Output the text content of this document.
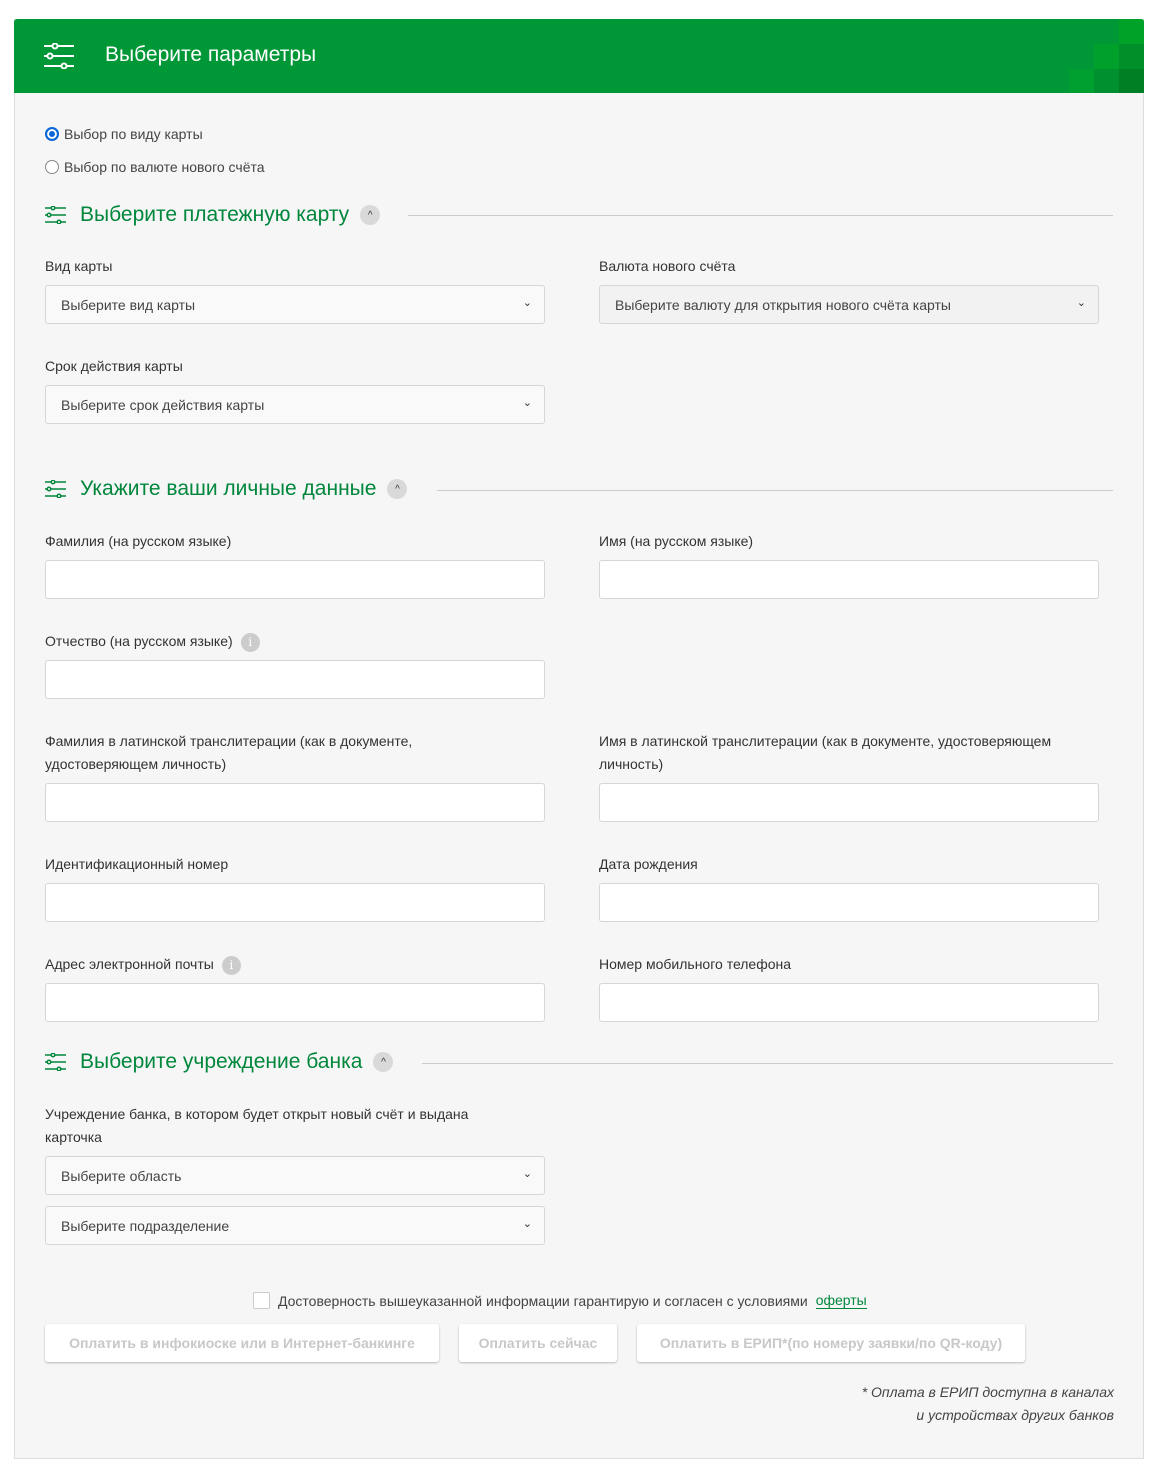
Выберите параметры
Выбор по виду карты
Выбор по валюте нового счёта
Выберите платежную карту	^
Вид карты
Выберите вид карты	⌄
Валюта нового счёта
Выберите валюту для открытия нового счёта карты	⌄
Срок действия карты
Выберите срок действия карты	⌄
Укажите ваши личные данные	^
Фамилия (на русском языке)	Имя (на русском языке)
Отчество (на русском языке) i
Фамилия в латинской транслитерации (как в документе, удостоверяющем личность)
Имя в латинской транслитерации (как в документе, удостоверяющем личность)
Идентификационный номер	Дата рождения
Адрес электронной почты i	Номер мобильного телефона
Выберите учреждение банка	^
Учреждение банка, в котором будет открыт новый счёт и выдана карточка
Выберите область	⌄
Выберите подразделение	⌄
Достоверность вышеуказанной информации гарантирую и согласен с условиями оферты
Оплатить в инфокиоске или в Интернет-банкинге	Оплатить сейчас	Оплатить в ЕРИП*(по номеру заявки/по QR-коду)
* Оплата в ЕРИП доступна в каналах
и устройствах других банков
